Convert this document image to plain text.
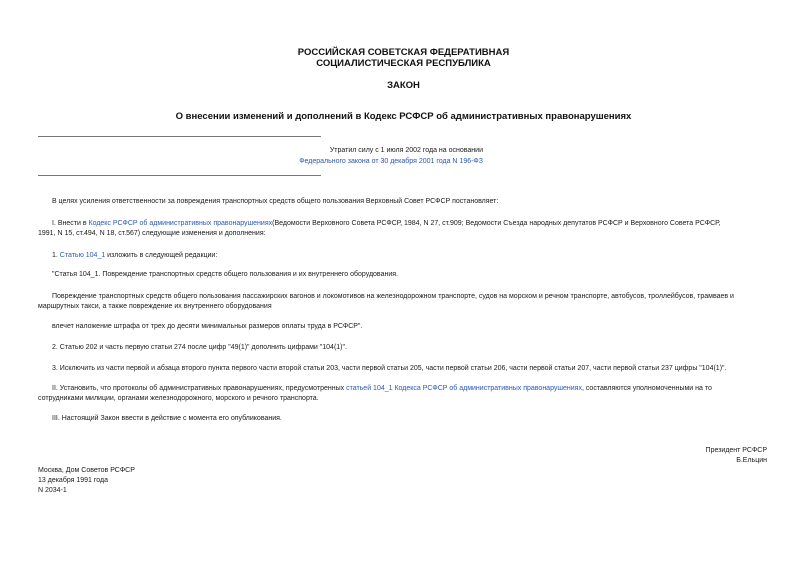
РОССИЙСКАЯ СОВЕТСКАЯ ФЕДЕРАТИВНАЯ
СОЦИАЛИСТИЧЕСКАЯ РЕСПУБЛИКА
ЗАКОН
О внесении изменений и дополнений в Кодекс РСФСР об административных правонарушениях
Утратил силу с 1 июля 2002 года на основании
Федерального закона от 30 декабря 2001 года N 196-ФЗ
В целях усиления ответственности за повреждения транспортных средств общего пользования Верховный Совет РСФСР постановляет:
I. Внести в Кодекс РСФСР об административных правонарушениях(Ведомости Верховного Совета РСФСР, 1984, N 27, ст.909; Ведомости Съезда народных депутатов РСФСР и Верховного Совета РСФСР,
1991, N 15, ст.494, N 18, ст.567) следующие изменения и дополнения:
1. Статью 104_1 изложить в следующей редакции:
"Статья 104_1. Повреждение транспортных средств общего пользования и их внутреннего оборудования.
Повреждение транспортных средств общего пользования пассажирских вагонов и локомотивов на железнодорожном транспорте, судов на морском и речном транспорте, автобусов, троллейбусов, трамваев и
маршрутных такси, а также повреждение их внутреннего оборудования
влечет наложение штрафа от трех до десяти минимальных размеров оплаты труда в РСФСР".
2. Статью 202 и часть первую статьи 274 после цифр "49(1)" дополнить цифрами "104(1)".
3. Исключить из части первой и абзаца второго пункта первого части второй статьи 203, части первой статьи 205, части первой статьи 206, части первой статьи 207, части первой статьи 237 цифры "104(1)".
II. Установить, что протоколы об административных правонарушениях, предусмотренных статьей 104_1 Кодекса РСФСР об административных правонарушениях, составляются уполномоченными на то
сотрудниками милиции, органами железнодорожного, морского и речного транспорта.
III. Настоящий Закон ввести в действие с момента его опубликования.
Президент РСФСР
Б.Ельцин
Москва, Дом Советов РСФСР
13 декабря 1991 года
N 2034-1
